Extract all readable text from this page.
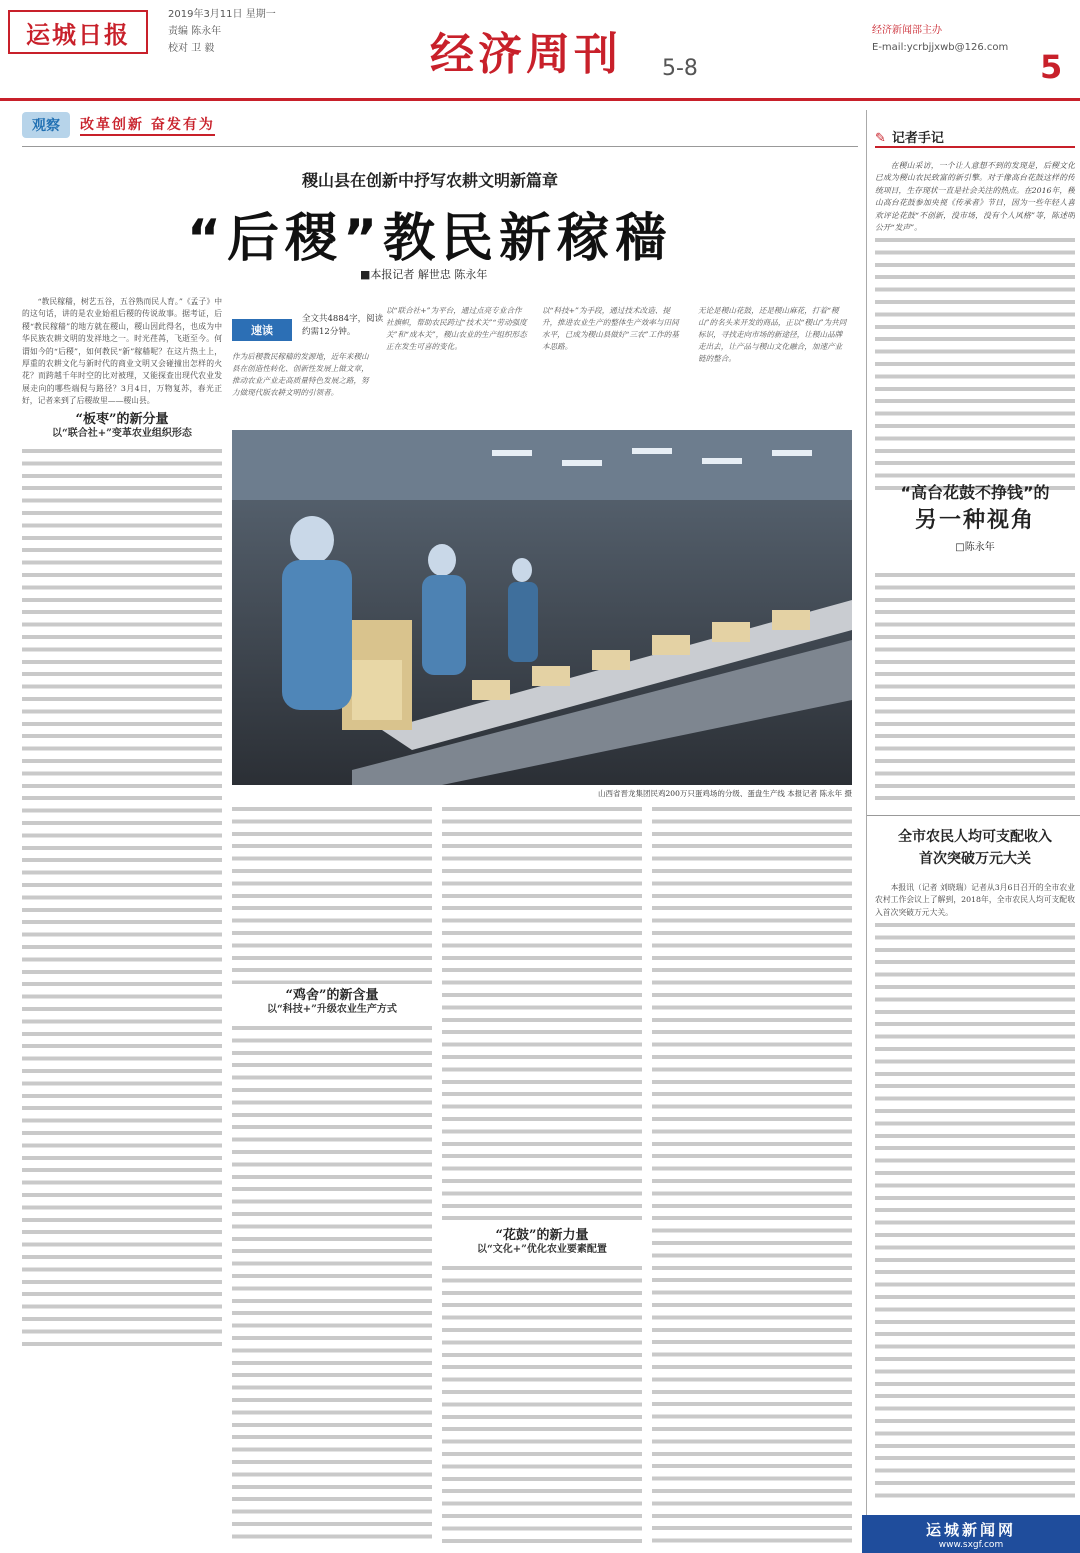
运城日报
2019年3月11日 星期一
责编 陈永年
校对 卫 毅	经济周刊 5-8
经济新闻部主办
E-mail:ycrbjjxwb@126.com
5
观察	改革创新 奋发有为
稷山县在创新中抒写农耕文明新篇章
“后稷”教民新稼穑
■本报记者 解世忠 陈永年
速读
全文共4884字，阅读
约需12分钟。
作为后稷教民稼穑的发源地，近年来稷山县在创造性转化、创新性发展上做文章，推动农业产业走高质量特色发展之路，努力做现代版农耕文明的引领者。
以“联合社+”为平台，通过点亮专业合作社旗帜，帮助农民跨过“技术关”“劳动强度关”和“成本关”，稷山农业的生产组织形态正在发生可喜的变化。
以“科技+”为手段，通过技术改造、提升，推进农业生产的整体生产效率与田间水平，已成为稷山县做好“三农”工作的基本思路。
无论是稷山花鼓，还是稷山麻花，打着“稷山”的名头来开发的商品，正以“稷山”为共同标识，寻找走向市场的新途径，让稷山品牌走出去，让产品与稷山文化融合，加速产业链的整合。
山西省晋龙集团民鸡200万只蛋鸡场的分级、蛋盘生产线 本报记者 陈永年 摄

“教民稼穑，树艺五谷，五谷熟而民人育。”《孟子》中的这句话，讲的是农业始祖后稷的传说故事。据考证，后稷“教民稼穑”的地方就在稷山，稷山因此得名，也成为中华民族农耕文明的发祥地之一。时光荏苒，飞逝至今。何谓如今的“后稷”，如何教民“新”稼穑呢？在这片热土上，厚重的农耕文化与新时代的商业文明又会碰撞出怎样的火花？而跨越千年时空的比对被理，又能探查出现代农业发展走向的哪些端倪与路径？3月4日，万物复苏，春光正好，记者来到了后稷故里——稷山县。

“板枣”的新分量
以“联合社+”变革农业组织形态
“鸡舍”的新含量
以“科技+”升级农业生产方式
“花鼓”的新力量
以“文化+”优化农业要素配置
✎ 记者手记

在稷山采访，一个让人意想不到的发现是，后稷文化已成为稷山农民致富的新引擎。对于像高台花鼓这样的传统项目，生存现状一直是社会关注的热点。在2016年，稷山高台花鼓参加央视《传承者》节目，因为一些年轻人喜欢评论花鼓“不创新，没市场，没有个人风格”等，陈述明公开“发声”。

“高台花鼓不挣钱”的
另一种视角
□陈永年
全市农民人均可支配收入
首次突破万元大关

本报讯（记者 刘晓瑞）记者从3月6日召开的全市农业农村工作会议上了解到，2018年，全市农民人均可支配收入首次突破万元大关。

运城新闻网
www.sxgf.com
